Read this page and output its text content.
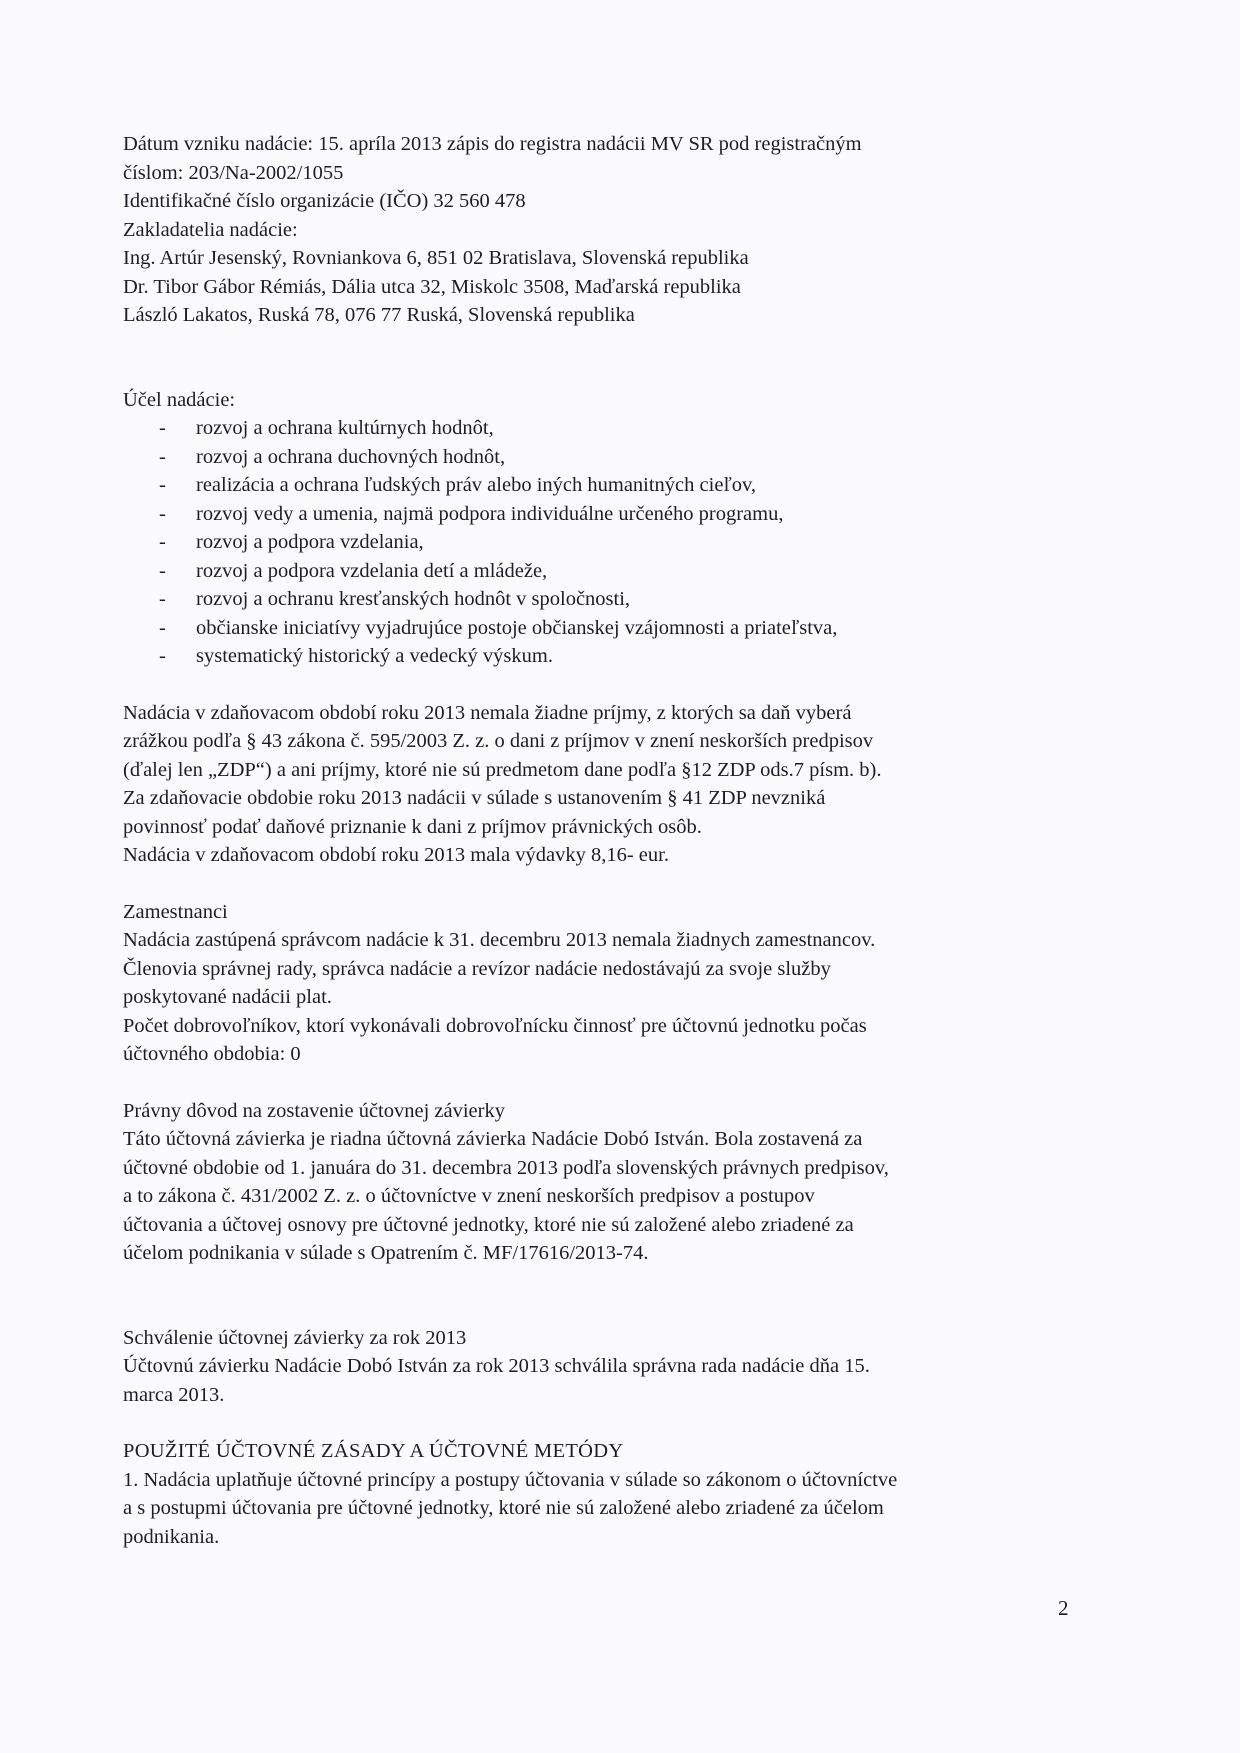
Dátum vzniku nadácie: 15. apríla 2013 zápis do registra nadácii MV SR pod registračným
číslom: 203/Na-2002/1055
Identifikačné číslo organizácie (IČO) 32 560 478
Zakladatelia nadácie:
Ing. Artúr Jesenský, Rovniankova 6, 851 02 Bratislava, Slovenská republika
Dr. Tibor Gábor Rémiás, Dália utca 32, Miskolc 3508, Maďarská republika
László Lakatos, Ruská 78, 076 77 Ruská, Slovenská republika
Účel nadácie:
- rozvoj a ochrana kultúrnych hodnôt,
- rozvoj a ochrana duchovných hodnôt,
- realizácia a ochrana ľudských práv alebo iných humanitných cieľov,
- rozvoj vedy a umenia, najmä podpora individuálne určeného programu,
- rozvoj a podpora vzdelania,
- rozvoj a podpora vzdelania detí a mládeže,
- rozvoj a ochranu kresťanských hodnôt v spoločnosti,
- občianske iniciatívy vyjadrujúce postoje občianskej vzájomnosti a priateľstva,
- systematický historický a vedecký výskum.
Nadácia v zdaňovacom období roku 2013 nemala žiadne príjmy, z ktorých sa daň vyberá
zrážkou podľa § 43 zákona č. 595/2003 Z. z. o dani z príjmov v znení neskorších predpisov
(ďalej len „ZDP“) a ani príjmy, ktoré nie sú predmetom dane podľa §12 ZDP ods.7 písm. b).
Za zdaňovacie obdobie roku 2013 nadácii v súlade s ustanovením § 41 ZDP nevzniká
povinnosť podať daňové priznanie k dani z príjmov právnických osôb.
Nadácia v zdaňovacom období roku 2013 mala výdavky 8,16- eur.
Zamestnanci
Nadácia zastúpená správcom nadácie k 31. decembru 2013 nemala žiadnych zamestnancov.
Členovia správnej rady, správca nadácie a revízor nadácie nedostávajú za svoje služby
poskytované nadácii plat.
Počet dobrovoľníkov, ktorí vykonávali dobrovoľnícku činnosť pre účtovnú jednotku počas
účtovného obdobia: 0
Právny dôvod na zostavenie účtovnej závierky
Táto účtovná závierka je riadna účtovná závierka Nadácie Dobó István. Bola zostavená za
účtovné obdobie od 1. januára do 31. decembra 2013 podľa slovenských právnych predpisov,
a to zákona č. 431/2002 Z. z. o účtovníctve v znení neskorších predpisov a postupov
účtovania a účtovej osnovy pre účtovné jednotky, ktoré nie sú založené alebo zriadené za
účelom podnikania v súlade s Opatrením č. MF/17616/2013-74.
Schválenie účtovnej závierky za rok 2013
Účtovnú závierku Nadácie Dobó István za rok 2013 schválila správna rada nadácie dňa 15.
marca 2013.
POUŽITÉ ÚČTOVNÉ ZÁSADY A ÚČTOVNÉ METÓDY
1. Nadácia uplatňuje účtovné princípy a postupy účtovania v súlade so zákonom o účtovníctve
a s postupmi účtovania pre účtovné jednotky, ktoré nie sú založené alebo zriadené za účelom
podnikania.
2
